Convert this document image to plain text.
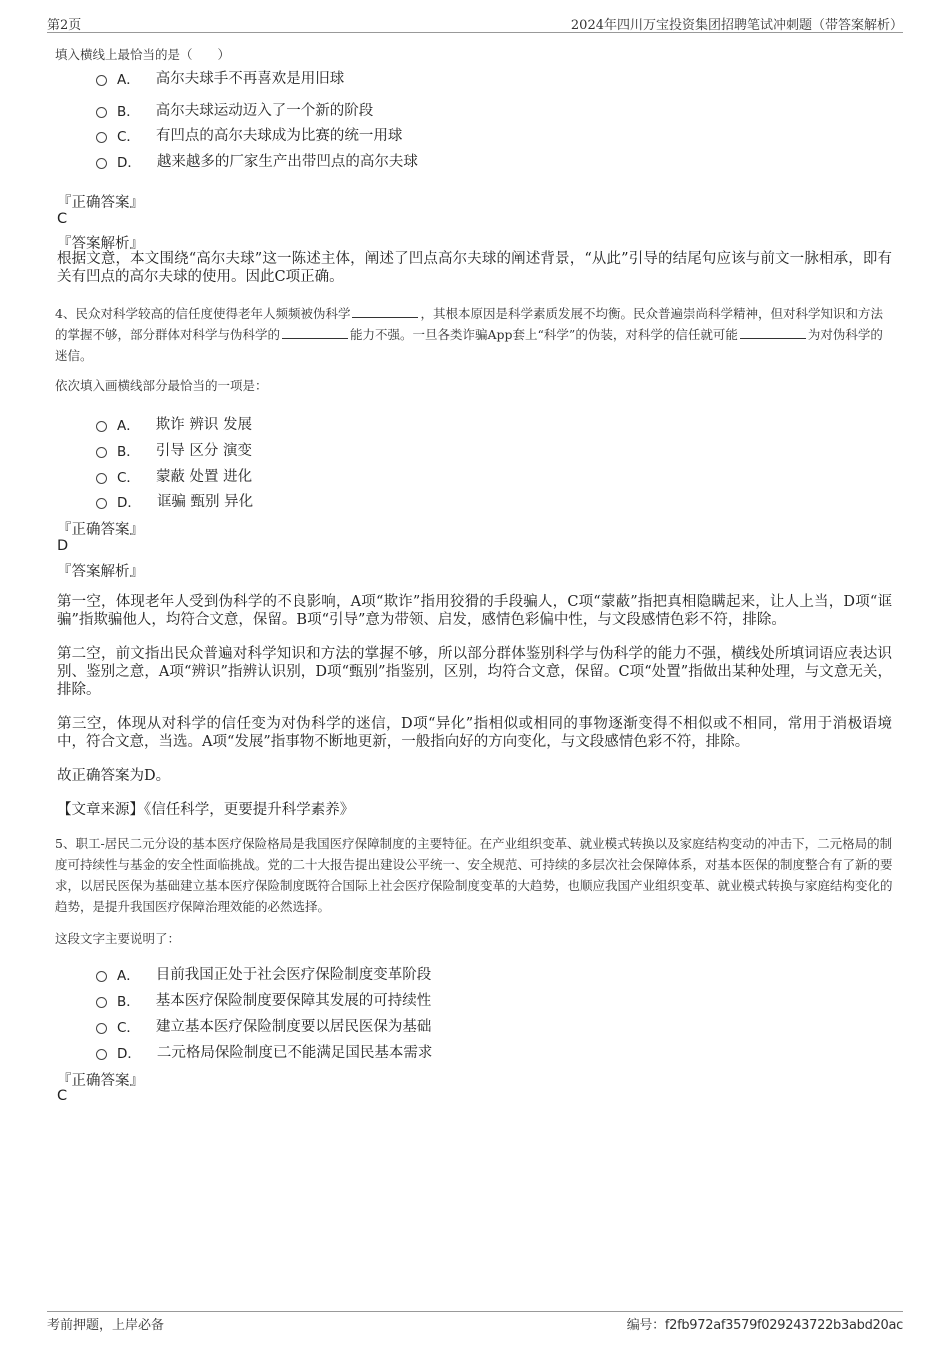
第2页	2024年四川万宝投资集团招聘笔试冲刺题（带答案解析）
填入横线上最恰当的是（　　）
A． 高尔夫球手不再喜欢是用旧球
B． 高尔夫球运动迈入了一个新的阶段
C． 有凹点的高尔夫球成为比赛的统一用球
D． 越来越多的厂家生产出带凹点的高尔夫球
『正确答案』
C
『答案解析』
根据文意，本文围绕“高尔夫球”这一陈述主体，阐述了凹点高尔夫球的阐述背景，“从此”引导的结尾句应该与前文一脉相承，即有关有凹点的高尔夫球的使用。因此C项正确。
4、民众对科学较高的信任度使得老年人频频被伪科学	，其根本原因是科学素质发展不均衡。民众普遍崇尚科学精神，但对科学知识和方法的掌握不够，部分群体对科学与伪科学的	能力不强。一旦各类诈骗App套上“科学”的伪装，对科学的信任就可能	为对伪科学的迷信。
依次填入画横线部分最恰当的一项是：
A． 欺诈 辨识 发展
B． 引导 区分 演变
C． 蒙蔽 处置 进化
D． 诓骗 甄别 异化
『正确答案』
D
『答案解析』
第一空，体现老年人受到伪科学的不良影响，A项“欺诈”指用狡猾的手段骗人，C项“蒙蔽”指把真相隐瞒起来，让人上当，D项“诓骗”指欺骗他人，均符合文意，保留。B项“引导”意为带领、启发，感情色彩偏中性，与文段感情色彩不符，排除。
第二空，前文指出民众普遍对科学知识和方法的掌握不够，所以部分群体鉴别科学与伪科学的能力不强，横线处所填词语应表达识别、鉴别之意，A项“辨识”指辨认识别，D项“甄别”指鉴别，区别，均符合文意，保留。C项“处置”指做出某种处理，与文意无关，排除。
第三空，体现从对科学的信任变为对伪科学的迷信，D项“异化”指相似或相同的事物逐渐变得不相似或不相同，常用于消极语境中，符合文意，当选。A项“发展”指事物不断地更新，一般指向好的方向变化，与文段感情色彩不符，排除。
故正确答案为D。
【文章来源】《信任科学，更要提升科学素养》
5、职工-居民二元分设的基本医疗保险格局是我国医疗保障制度的主要特征。在产业组织变革、就业模式转换以及家庭结构变动的冲击下，二元格局的制度可持续性与基金的安全性面临挑战。党的二十大报告提出建设公平统一、安全规范、可持续的多层次社会保障体系，对基本医保的制度整合有了新的要求，以居民医保为基础建立基本医疗保险制度既符合国际上社会医疗保险制度变革的大趋势，也顺应我国产业组织变革、就业模式转换与家庭结构变化的趋势，是提升我国医疗保障治理效能的必然选择。
这段文字主要说明了：
A． 目前我国正处于社会医疗保险制度变革阶段
B． 基本医疗保险制度要保障其发展的可持续性
C． 建立基本医疗保险制度要以居民医保为基础
D． 二元格局保险制度已不能满足国民基本需求
『正确答案』
C
考前押题，上岸必备	编号：f2fb972af3579f029243722b3abd20ac
